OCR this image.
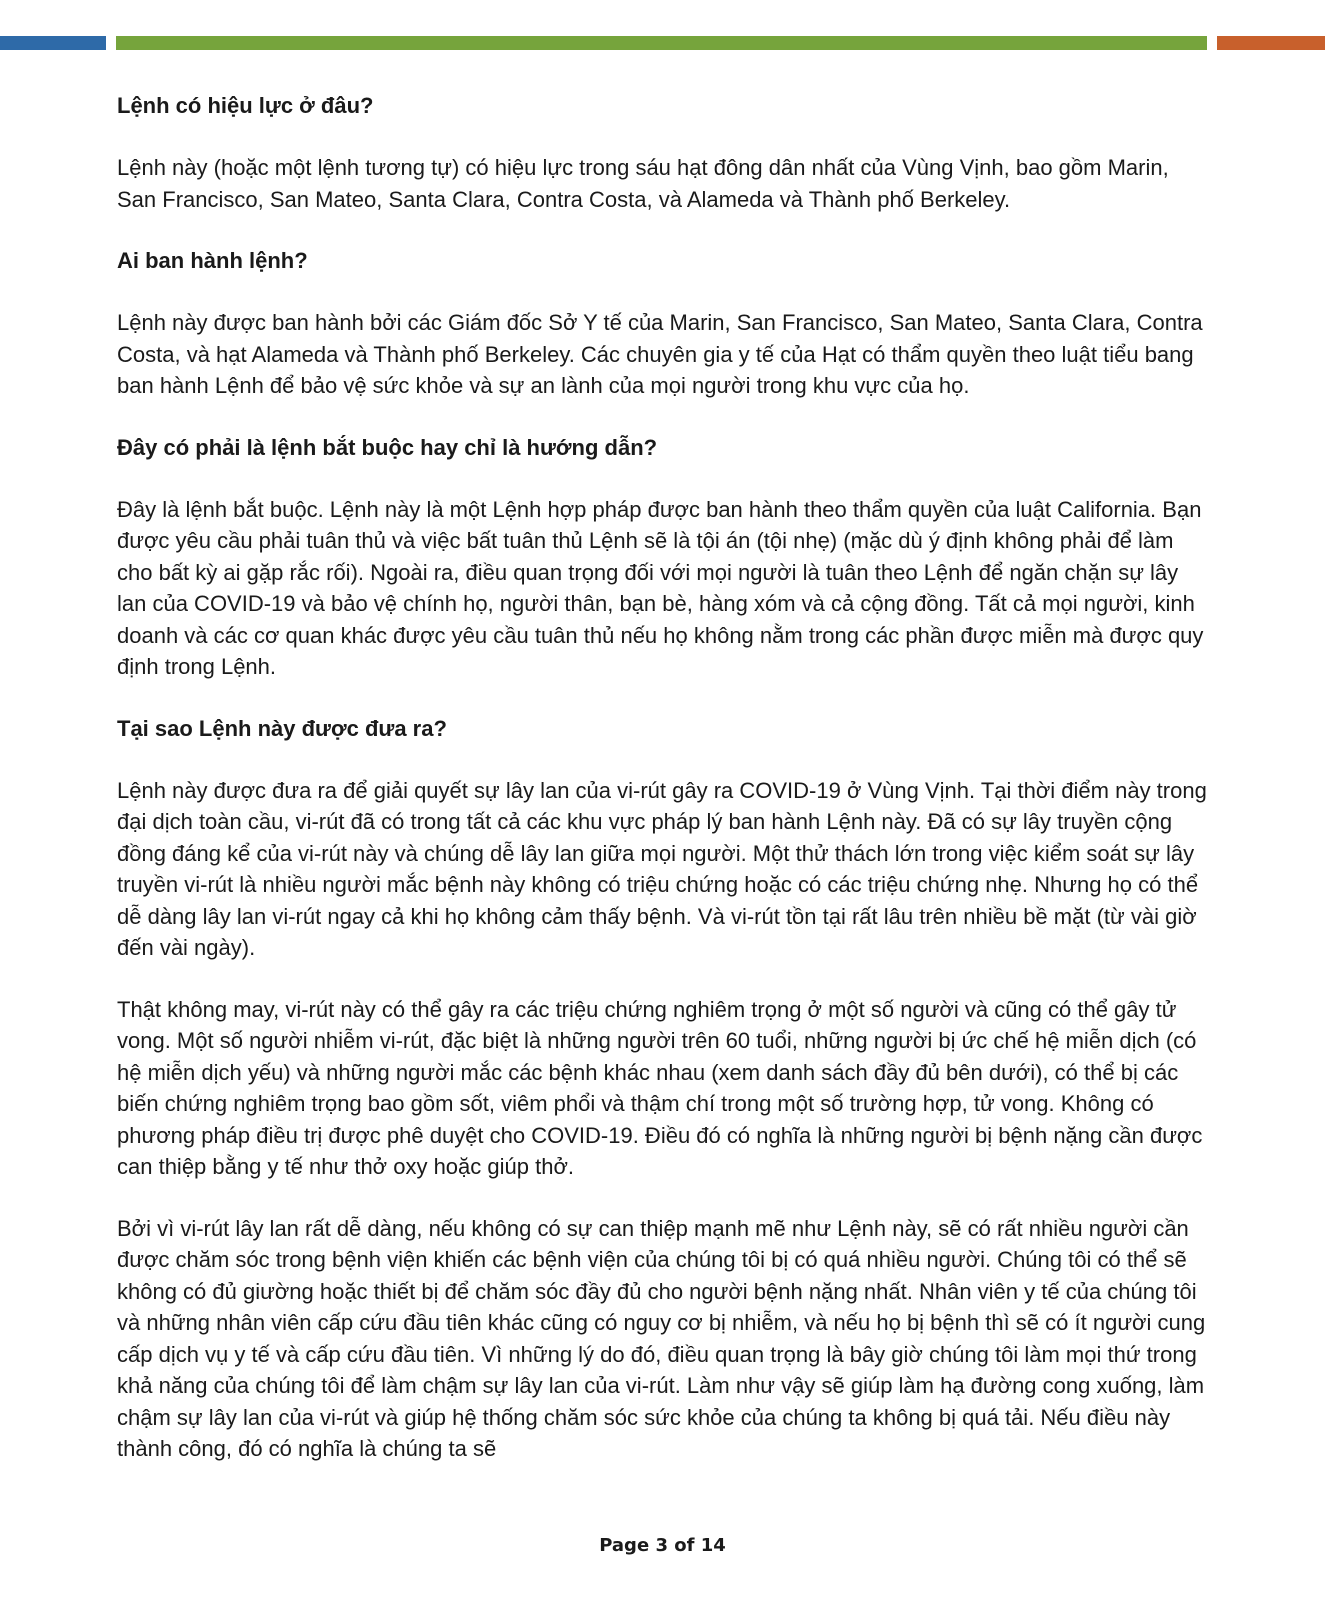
Lệnh có hiệu lực ở đâu?

Lệnh này (hoặc một lệnh tương tự) có hiệu lực trong sáu hạt đông dân nhất của Vùng Vịnh, bao gồm Marin, San Francisco, San Mateo, Santa Clara, Contra Costa, và Alameda và Thành phố Berkeley.

Ai ban hành lệnh?

Lệnh này được ban hành bởi các Giám đốc Sở Y tế của Marin, San Francisco, San Mateo, Santa Clara, Contra Costa, và hạt Alameda và Thành phố Berkeley. Các chuyên gia y tế của Hạt có thẩm quyền theo luật tiểu bang ban hành Lệnh để bảo vệ sức khỏe và sự an lành của mọi người trong khu vực của họ.

Đây có phải là lệnh bắt buộc hay chỉ là hướng dẫn?

Đây là lệnh bắt buộc. Lệnh này là một Lệnh hợp pháp được ban hành theo thẩm quyền của luật California. Bạn được yêu cầu phải tuân thủ và việc bất tuân thủ Lệnh sẽ là tội án (tội nhẹ) (mặc dù ý định không phải để làm cho bất kỳ ai gặp rắc rối). Ngoài ra, điều quan trọng đối với mọi người là tuân theo Lệnh để ngăn chặn sự lây lan của COVID-19 và bảo vệ chính họ, người thân, bạn bè, hàng xóm và cả cộng đồng. Tất cả mọi người, kinh doanh và các cơ quan khác được yêu cầu tuân thủ nếu họ không nằm trong các phần được miễn mà được quy định trong Lệnh.

Tại sao Lệnh này được đưa ra?

Lệnh này được đưa ra để giải quyết sự lây lan của vi-rút gây ra COVID-19 ở Vùng Vịnh. Tại thời điểm này trong đại dịch toàn cầu, vi-rút đã có trong tất cả các khu vực pháp lý ban hành Lệnh này. Đã có sự lây truyền cộng đồng đáng kể của vi-rút này và chúng dễ lây lan giữa mọi người. Một thử thách lớn trong việc kiểm soát sự lây truyền vi-rút là nhiều người mắc bệnh này không có triệu chứng hoặc có các triệu chứng nhẹ. Nhưng họ có thể dễ dàng lây lan vi-rút ngay cả khi họ không cảm thấy bệnh. Và vi-rút tồn tại rất lâu trên nhiều bề mặt (từ vài giờ đến vài ngày).

Thật không may, vi-rút này có thể gây ra các triệu chứng nghiêm trọng ở một số người và cũng có thể gây tử vong. Một số người nhiễm vi-rút, đặc biệt là những người trên 60 tuổi, những người bị ức chế hệ miễn dịch (có hệ miễn dịch yếu) và những người mắc các bệnh khác nhau (xem danh sách đầy đủ bên dưới), có thể bị các biến chứng nghiêm trọng bao gồm sốt, viêm phổi và thậm chí trong một số trường hợp, tử vong. Không có phương pháp điều trị được phê duyệt cho COVID-19. Điều đó có nghĩa là những người bị bệnh nặng cần được can thiệp bằng y tế như thở oxy hoặc giúp thở.

Bởi vì vi-rút lây lan rất dễ dàng, nếu không có sự can thiệp mạnh mẽ như Lệnh này, sẽ có rất nhiều người cần được chăm sóc trong bệnh viện khiến các bệnh viện của chúng tôi bị có quá nhiều người. Chúng tôi có thể sẽ không có đủ giường hoặc thiết bị để chăm sóc đầy đủ cho người bệnh nặng nhất. Nhân viên y tế của chúng tôi và những nhân viên cấp cứu đầu tiên khác cũng có nguy cơ bị nhiễm, và nếu họ bị bệnh thì sẽ có ít người cung cấp dịch vụ y tế và cấp cứu đầu tiên. Vì những lý do đó, điều quan trọng là bây giờ chúng tôi làm mọi thứ trong khả năng của chúng tôi để làm chậm sự lây lan của vi-rút. Làm như vậy sẽ giúp làm hạ đường cong xuống, làm chậm sự lây lan của vi-rút và giúp hệ thống chăm sóc sức khỏe của chúng ta không bị quá tải. Nếu điều này thành công, đó có nghĩa là chúng ta sẽ

Page 3 of 14
